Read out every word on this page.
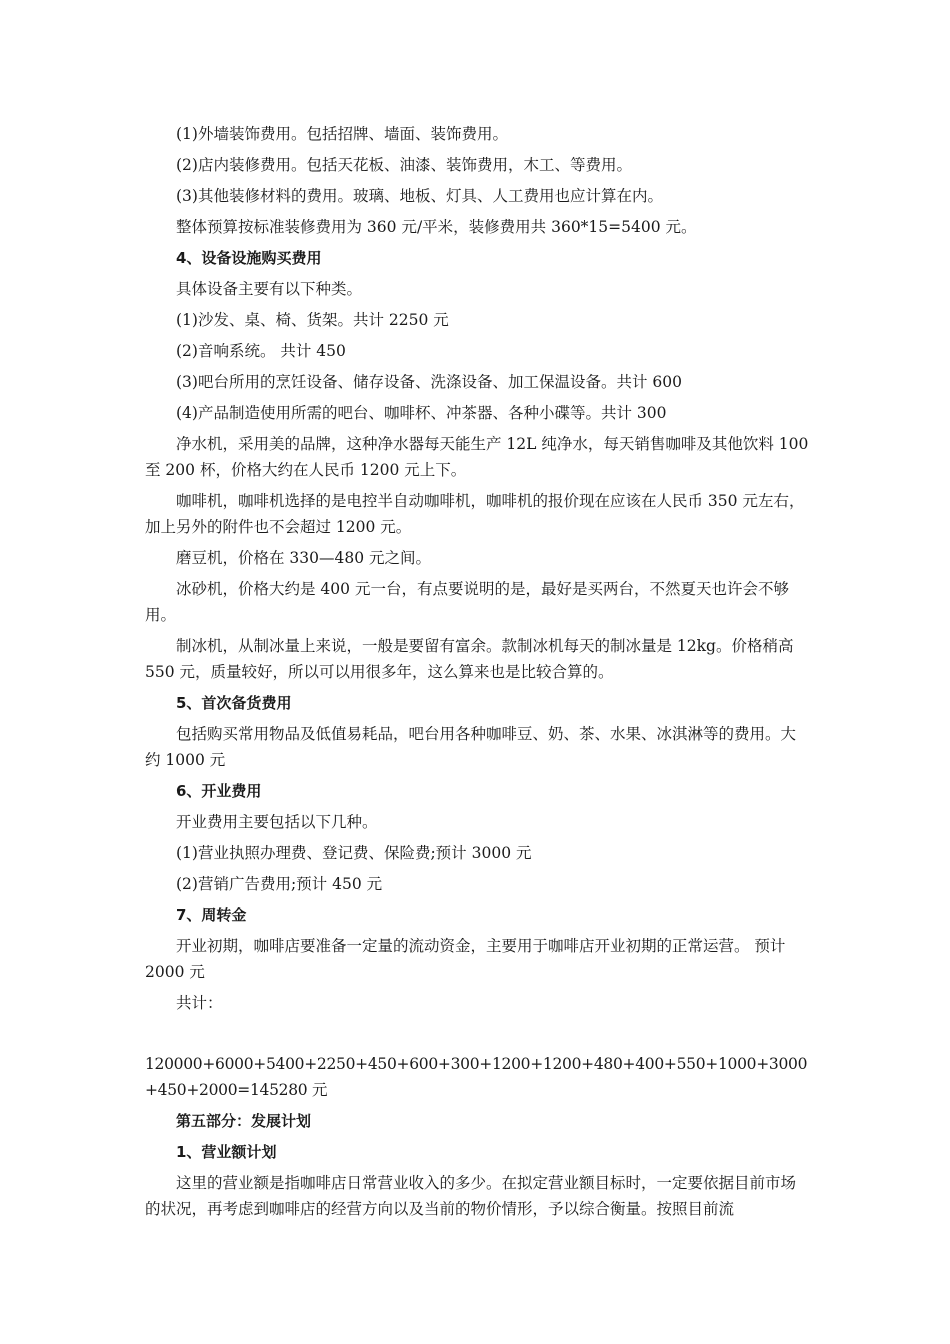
(1)外墙装饰费用。包括招牌、墙面、装饰费用。

(2)店内装修费用。包括天花板、油漆、装饰费用，木工、等费用。

(3)其他装修材料的费用。玻璃、地板、灯具、人工费用也应计算在内。

整体预算按标准装修费用为 360 元/平米，装修费用共 360*15=5400 元。

4、设备设施购买费用

具体设备主要有以下种类。

(1)沙发、桌、椅、货架。共计 2250 元

(2)音响系统。 共计 450

(3)吧台所用的烹饪设备、储存设备、洗涤设备、加工保温设备。共计 600

(4)产品制造使用所需的吧台、咖啡杯、冲茶器、各种小碟等。共计 300

净水机，采用美的品牌，这种净水器每天能生产 12L 纯净水，每天销售咖啡及其他饮料 100 至 200 杯，价格大约在人民币 1200 元上下。

咖啡机，咖啡机选择的是电控半自动咖啡机，咖啡机的报价现在应该在人民币 350 元左右，加上另外的附件也不会超过 1200 元。

磨豆机，价格在 330—480 元之间。

冰砂机，价格大约是 400 元一台，有点要说明的是，最好是买两台，不然夏天也许会不够用。

制冰机，从制冰量上来说，一般是要留有富余。款制冰机每天的制冰量是 12kg。价格稍高 550 元，质量较好，所以可以用很多年，这么算来也是比较合算的。

5、首次备货费用

包括购买常用物品及低值易耗品，吧台用各种咖啡豆、奶、茶、水果、冰淇淋等的费用。大约 1000 元

6、开业费用

开业费用主要包括以下几种。

(1)营业执照办理费、登记费、保险费;预计 3000 元

(2)营销广告费用;预计 450 元

7、周转金

开业初期，咖啡店要准备一定量的流动资金，主要用于咖啡店开业初期的正常运营。 预计 2000 元

共计：

120000+6000+5400+2250+450+600+300+1200+1200+480+400+550+1000+3000+450+2000=145280 元

第五部分：发展计划

1、营业额计划

这里的营业额是指咖啡店日常营业收入的多少。在拟定营业额目标时，一定要依据目前市场的状况，再考虑到咖啡店的经营方向以及当前的物价情形，予以综合衡量。按照目前流
